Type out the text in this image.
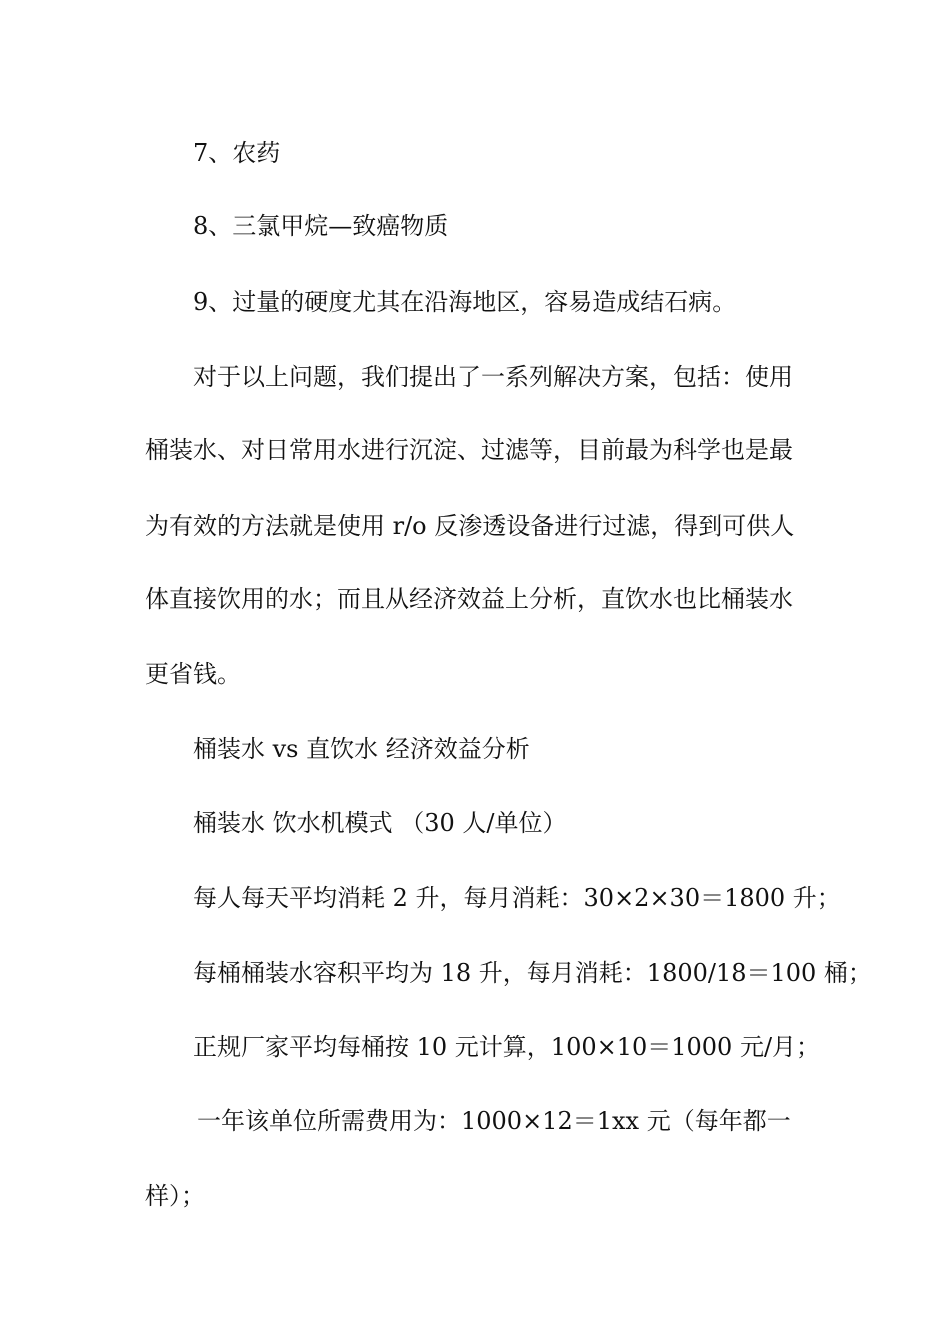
7、农药

8、三氯甲烷—致癌物质

9、过量的硬度尤其在沿海地区，容易造成结石病。

对于以上问题，我们提出了一系列解决方案，包括：使用

桶装水、对日常用水进行沉淀、过滤等，目前最为科学也是最

为有效的方法就是使用 r/o 反渗透设备进行过滤，得到可供人

体直接饮用的水；而且从经济效益上分析，直饮水也比桶装水

更省钱。

桶装水 vs 直饮水 经济效益分析

桶装水 饮水机模式 （30 人/单位）

每人每天平均消耗 2 升，每月消耗：30×2×30＝1800 升；

每桶桶装水容积平均为 18 升，每月消耗：1800/18＝100 桶；

正规厂家平均每桶按 10 元计算，100×10＝1000 元/月；

一年该单位所需费用为：1000×12＝1xx 元（每年都一

样）；
